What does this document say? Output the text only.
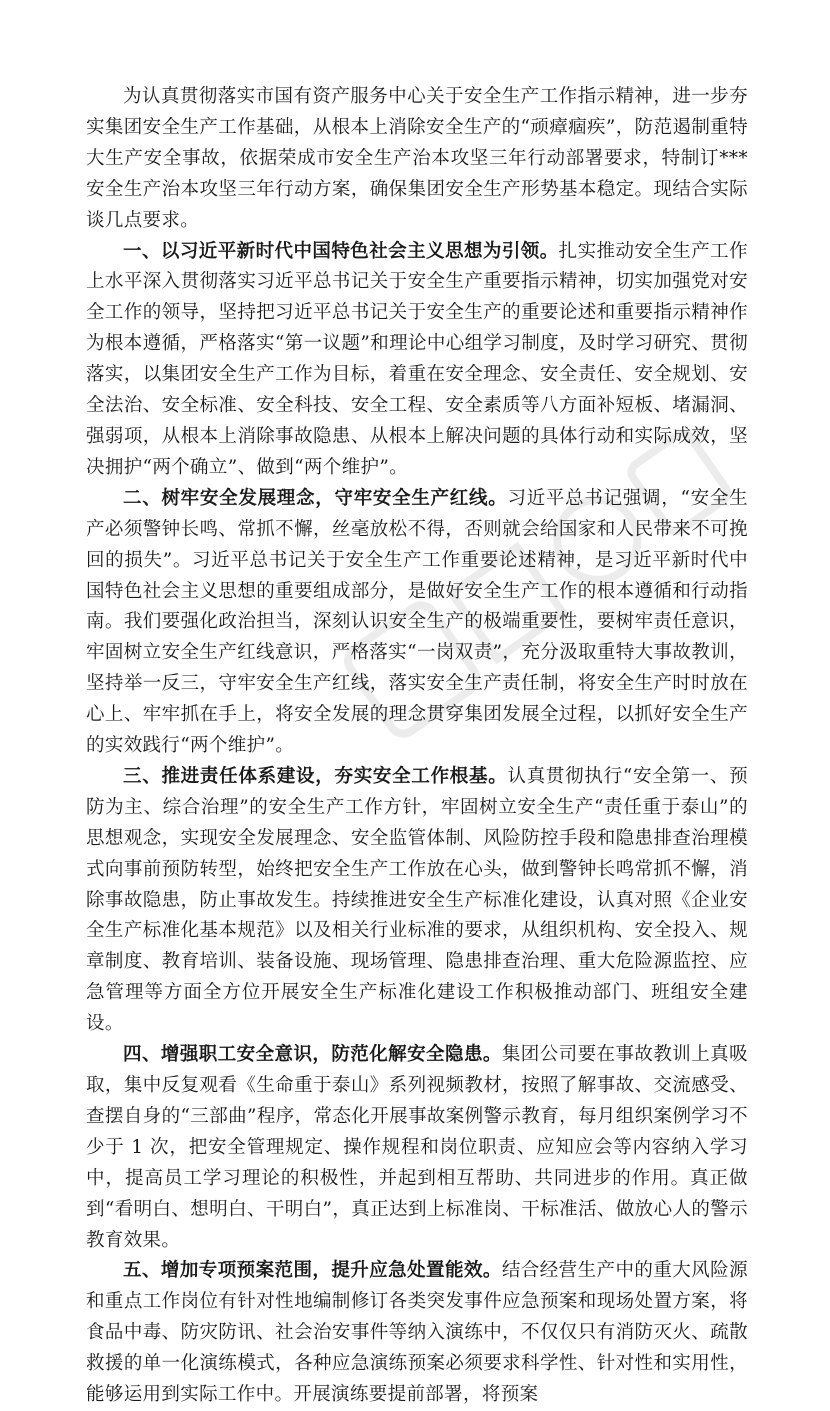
为认真贯彻落实市国有资产服务中心关于安全生产工作指示精神，进一步夯实集团安全生产工作基础，从根本上消除安全生产的“顽瘴痼疾”，防范遏制重特大生产安全事故，依据荣成市安全生产治本攻坚三年行动部署要求，特制订***安全生产治本攻坚三年行动方案，确保集团安全生产形势基本稳定。现结合实际谈几点要求。

一、以习近平新时代中国特色社会主义思想为引领。扎实推动安全生产工作上水平深入贯彻落实习近平总书记关于安全生产重要指示精神，切实加强党对安全工作的领导，坚持把习近平总书记关于安全生产的重要论述和重要指示精神作为根本遵循，严格落实“第一议题”和理论中心组学习制度，及时学习研究、贯彻落实，以集团安全生产工作为目标，着重在安全理念、安全责任、安全规划、安全法治、安全标准、安全科技、安全工程、安全素质等八方面补短板、堵漏洞、强弱项，从根本上消除事故隐患、从根本上解决问题的具体行动和实际成效，坚决拥护“两个确立”、做到“两个维护”。

二、树牢安全发展理念，守牢安全生产红线。习近平总书记强调，“安全生产必须警钟长鸣、常抓不懈，丝毫放松不得，否则就会给国家和人民带来不可挽回的损失”。习近平总书记关于安全生产工作重要论述精神，是习近平新时代中国特色社会主义思想的重要组成部分，是做好安全生产工作的根本遵循和行动指南。我们要强化政治担当，深刻认识安全生产的极端重要性，要树牢责任意识，牢固树立安全生产红线意识，严格落实“一岗双责”，充分汲取重特大事故教训，坚持举一反三，守牢安全生产红线，落实安全生产责任制，将安全生产时时放在心上、牢牢抓在手上，将安全发展的理念贯穿集团发展全过程，以抓好安全生产的实效践行“两个维护”。

三、推进责任体系建设，夯实安全工作根基。认真贯彻执行“安全第一、预防为主、综合治理”的安全生产工作方针，牢固树立安全生产“责任重于泰山”的思想观念，实现安全发展理念、安全监管体制、风险防控手段和隐患排查治理模式向事前预防转型，始终把安全生产工作放在心头，做到警钟长鸣常抓不懈，消除事故隐患，防止事故发生。持续推进安全生产标准化建设，认真对照《企业安全生产标准化基本规范》以及相关行业标准的要求，从组织机构、安全投入、规章制度、教育培训、装备设施、现场管理、隐患排查治理、重大危险源监控、应急管理等方面全方位开展安全生产标准化建设工作积极推动部门、班组安全建设。

四、增强职工安全意识，防范化解安全隐患。集团公司要在事故教训上真吸取，集中反复观看《生命重于泰山》系列视频教材，按照了解事故、交流感受、查摆自身的“三部曲”程序，常态化开展事故案例警示教育，每月组织案例学习不少于 1 次，把安全管理规定、操作规程和岗位职责、应知应会等内容纳入学习中，提高员工学习理论的积极性，并起到相互帮助、共同进步的作用。真正做到“看明白、想明白、干明白”，真正达到上标准岗、干标准活、做放心人的警示教育效果。

五、增加专项预案范围，提升应急处置能效。结合经营生产中的重大风险源和重点工作岗位有针对性地编制修订各类突发事件应急预案和现场处置方案，将食品中毒、防灾防讯、社会治安事件等纳入演练中，不仅仅只有消防灭火、疏散救援的单一化演练模式，各种应急演练预案必须要求科学性、针对性和实用性，能够运用到实际工作中。开展演练要提前部署，将预案
